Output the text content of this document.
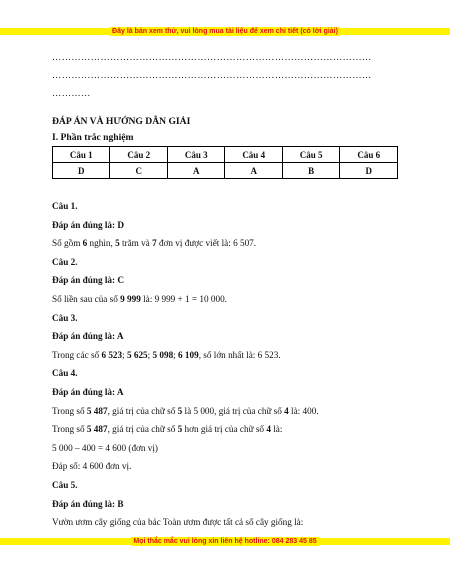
Đây là bản xem thử, vui lòng mua tài liệu để xem chi tiết (có lời giải)
………………………………………………………………………………………
………………………………………………………………………………………
…………
ĐÁP ÁN VÀ HƯỚNG DẪN GIẢI
I. Phần trắc nghiệm
Câu 1	Câu 2	Câu 3	Câu 4	Câu 5	Câu 6
D	C	A	A	B	D
Câu 1.
Đáp án đúng là: D
Số gồm 6 nghìn, 5 trăm và 7 đơn vị được viết là: 6 507.
Câu 2.
Đáp án đúng là: C
Số liền sau của số 9 999 là: 9 999 + 1 = 10 000.
Câu 3.
Đáp án đúng là: A
Trong các số 6 523; 5 625; 5 098; 6 109, số lớn nhất là: 6 523.
Câu 4.
Đáp án đúng là: A
Trong số 5 487, giá trị của chữ số 5 là 5 000, giá trị của chữ số 4 là: 400.
Trong số 5 487, giá trị của chữ số 5 hơn giá trị của chữ số 4 là:
5 000 – 400 = 4 600 (đơn vị)
Đáp số: 4 600 đơn vị.
Câu 5.
Đáp án đúng là: B
Vườn ươm cây giống của bác Toàn ươm được tất cả số cây giống là:
Mọi thắc mắc vui lòng xin liên hệ hotline: 084 283 45 85
